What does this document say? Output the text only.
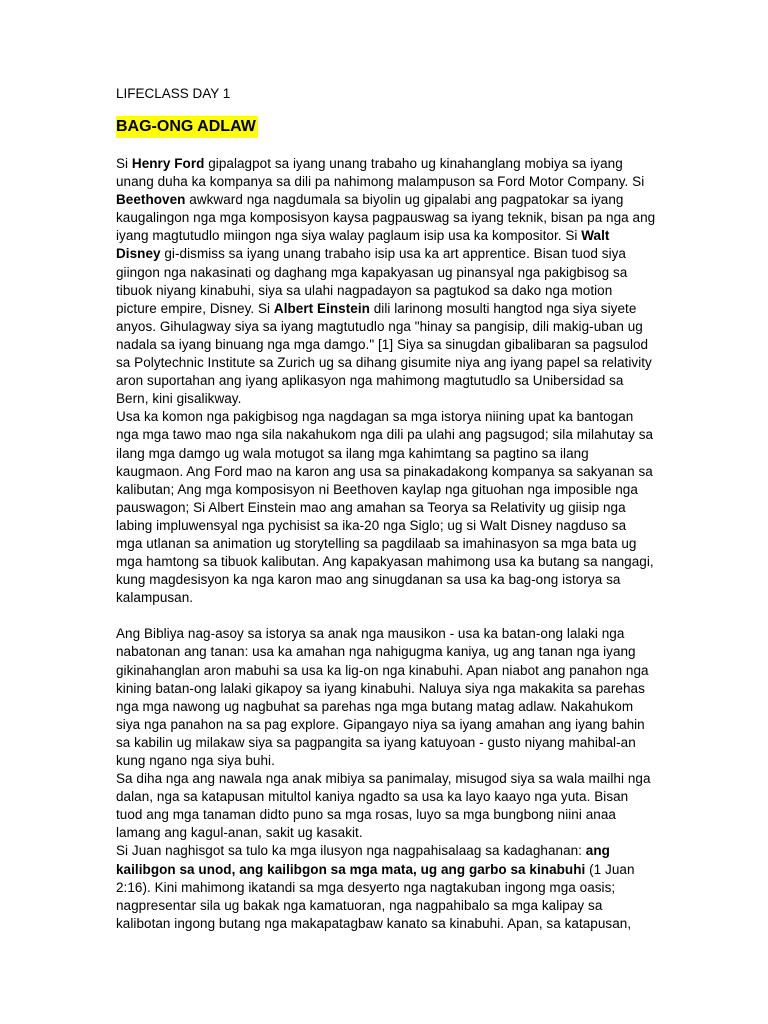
LIFECLASS DAY 1
BAG-ONG ADLAW

Si Henry Ford gipalagpot sa iyang unang trabaho ug kinahanglang mobiya sa iyang unang duha ka kompanya sa dili pa nahimong malampuson sa Ford Motor Company. Si Beethoven awkward nga nagdumala sa biyolin ug gipalabi ang pagpatokar sa iyang kaugalingon nga mga komposisyon kaysa pagpauswag sa iyang teknik, bisan pa nga ang iyang magtutudlo miingon nga siya walay paglaum isip usa ka kompositor. Si Walt Disney gi-dismiss sa iyang unang trabaho isip usa ka art apprentice. Bisan tuod siya giingon nga nakasinati og daghang mga kapakyasan ug pinansyal nga pakigbisog sa tibuok niyang kinabuhi, siya sa ulahi nagpadayon sa pagtukod sa dako nga motion picture empire, Disney. Si Albert Einstein dili larinong mosulti hangtod nga siya siyete anyos. Gihulagway siya sa iyang magtutudlo nga "hinay sa pangisip, dili makig-uban ug nadala sa iyang binuang nga mga damgo." [1] Siya sa sinugdan gibalibaran sa pagsulod sa Polytechnic Institute sa Zurich ug sa dihang gisumite niya ang iyang papel sa relativity aron suportahan ang iyang aplikasyon nga mahimong magtutudlo sa Unibersidad sa Bern, kini gisalikway.

Usa ka komon nga pakigbisog nga nagdagan sa mga istorya niining upat ka bantogan nga mga tawo mao nga sila nakahukom nga dili pa ulahi ang pagsugod; sila milahutay sa ilang mga damgo ug wala motugot sa ilang mga kahimtang sa pagtino sa ilang kaugmaon. Ang Ford mao na karon ang usa sa pinakadakong kompanya sa sakyanan sa kalibutan; Ang mga komposisyon ni Beethoven kaylap nga gituohan nga imposible nga pauswagon; Si Albert Einstein mao ang amahan sa Teorya sa Relativity ug giisip nga labing impluwensyal nga pychisist sa ika-20 nga Siglo; ug si Walt Disney nagduso sa mga utlanan sa animation ug storytelling sa pagdilaab sa imahinasyon sa mga bata ug mga hamtong sa tibuok kalibutan. Ang kapakyasan mahimong usa ka butang sa nangagi, kung magdesisyon ka nga karon mao ang sinugdanan sa usa ka bag-ong istorya sa kalampusan.

Ang Bibliya nag-asoy sa istorya sa anak nga mausikon - usa ka batan-ong lalaki nga nabatonan ang tanan: usa ka amahan nga nahigugma kaniya, ug ang tanan nga iyang gikinahanglan aron mabuhi sa usa ka lig-on nga kinabuhi. Apan niabot ang panahon nga kining batan-ong lalaki gikapoy sa iyang kinabuhi. Naluya siya nga makakita sa parehas nga mga nawong ug nagbuhat sa parehas nga mga butang matag adlaw. Nakahukom siya nga panahon na sa pag explore. Gipangayo niya sa iyang amahan ang iyang bahin sa kabilin ug milakaw siya sa pagpangita sa iyang katuyoan - gusto niyang mahibal-an kung ngano nga siya buhi.

Sa diha nga ang nawala nga anak mibiya sa panimalay, misugod siya sa wala mailhi nga dalan, nga sa katapusan mitultol kaniya ngadto sa usa ka layo kaayo nga yuta. Bisan tuod ang mga tanaman didto puno sa mga rosas, luyo sa mga bungbong niini anaa lamang ang kagul-anan, sakit ug kasakit.

Si Juan naghisgot sa tulo ka mga ilusyon nga nagpahisalaag sa kadaghanan: ang kailibgon sa unod, ang kailibgon sa mga mata, ug ang garbo sa kinabuhi (1 Juan 2:16). Kini mahimong ikatandi sa mga desyerto nga nagtakuban ingong mga oasis; nagpresentar sila ug bakak nga kamatuoran, nga nagpahibalo sa mga kalipay sa kalibotan ingong butang nga makapatagbaw kanato sa kinabuhi. Apan, sa katapusan,
